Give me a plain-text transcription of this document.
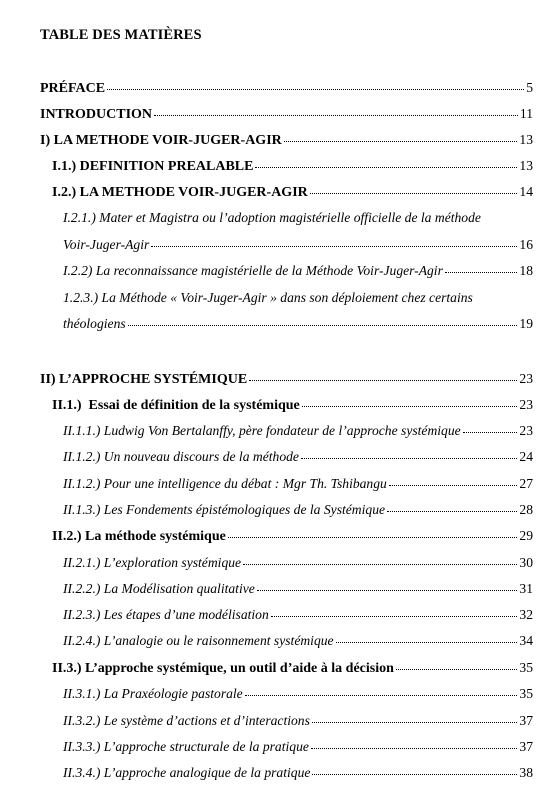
TABLE DES MATIÈRES
PRÉFACE	5
INTRODUCTION	11
I) LA METHODE VOIR-JUGER-AGIR	13
I.1.) DEFINITION PREALABLE	13
I.2.) LA METHODE VOIR-JUGER-AGIR	14
I.2.1.) Mater et Magistra ou l’adoption magistérielle officielle de la méthode
Voir-Juger-Agir	16
I.2.2) La reconnaissance magistérielle de la Méthode Voir-Juger-Agir	18
1.2.3.) La Méthode « Voir-Juger-Agir » dans son déploiement chez certains
théologiens	19
II) L’APPROCHE SYSTÉMIQUE	23
II.1.)  Essai de définition de la systémique	23
II.1.1.) Ludwig Von Bertalanffy, père fondateur de l’approche systémique	23
II.1.2.) Un nouveau discours de la méthode	24
II.1.2.) Pour une intelligence du débat : Mgr Th. Tshibangu	27
II.1.3.) Les Fondements épistémologiques de la Systémique	28
II.2.) La méthode systémique	29
II.2.1.) L’exploration systémique	30
II.2.2.) La Modélisation qualitative	31
II.2.3.) Les étapes d’une modélisation	32
II.2.4.) L’analogie ou le raisonnement systémique	34
II.3.) L’approche systémique, un outil d’aide à la décision	35
II.3.1.) La Praxéologie pastorale	35
II.3.2.) Le système d’actions et d’interactions	37
II.3.3.) L’approche structurale de la pratique	37
II.3.4.) L’approche analogique de la pratique	38
